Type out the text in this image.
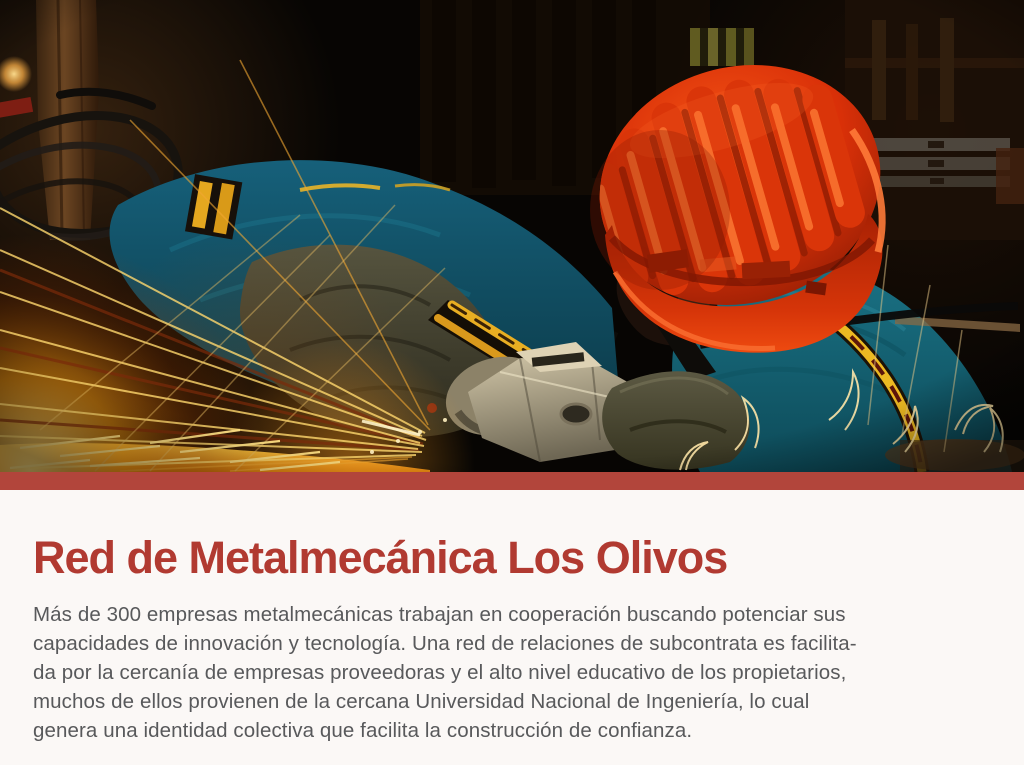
Red de Metalmecánica Los Olivos

Más de 300 empresas metalmecánicas trabajan en cooperación buscando potenciar sus
capacidades de innovación y tecnología. Una red de relaciones de subcontrata es facilita-
da por la cercanía de empresas proveedoras y el alto nivel educativo de los propietarios,
muchos de ellos provienen de la cercana Universidad Nacional de Ingeniería, lo cual
genera una identidad colectiva que facilita la construcción de confianza.
